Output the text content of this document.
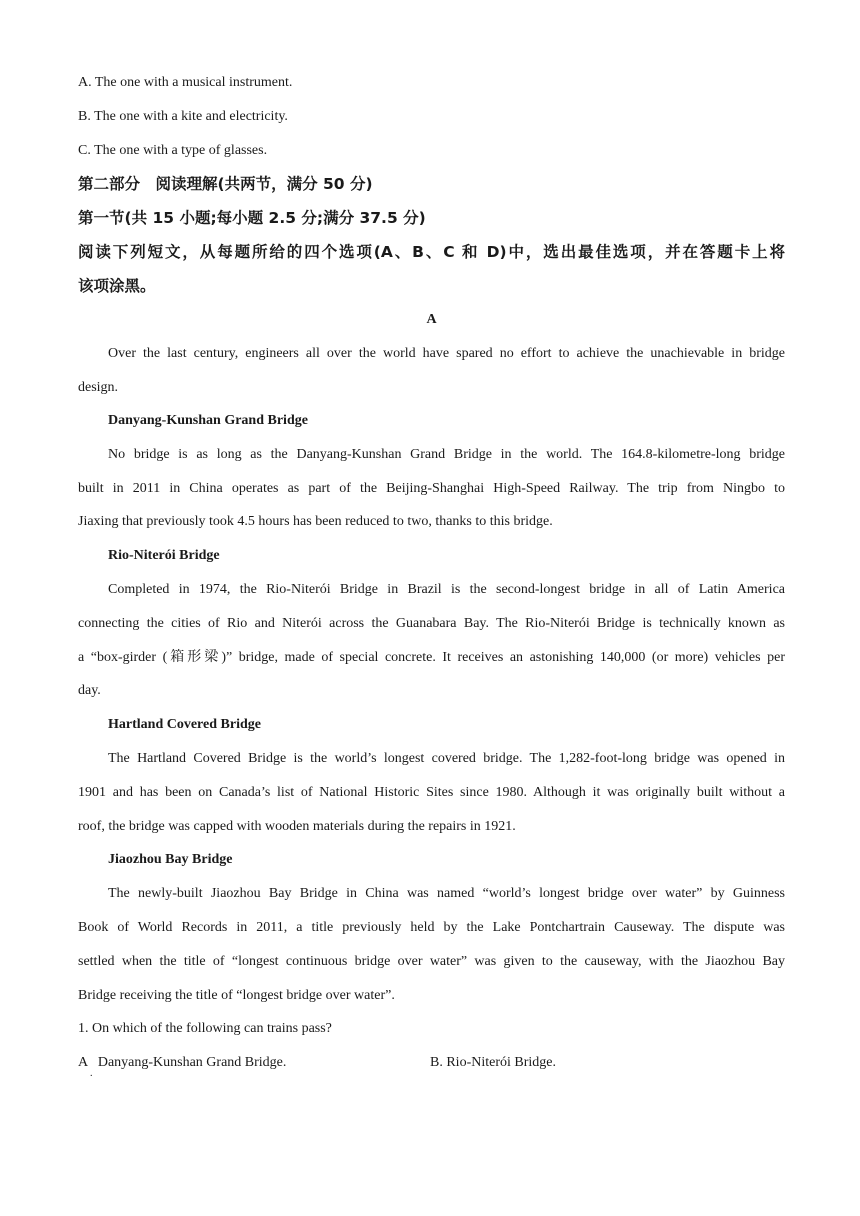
A. The one with a musical instrument.
B. The one with a kite and electricity.
C. The one with a type of glasses.
第二部分　阅读理解(共两节，满分 50 分)
第一节(共 15 小题;每小题 2.5 分;满分 37.5 分)
阅读下列短文，从每题所给的四个选项(A、B、C 和 D)中，选出最佳选项，并在答题卡上将
该项涂黑。
A
Over the last century, engineers all over the world have spared no effort to achieve the unachievable in bridge
design.
Danyang-Kunshan Grand Bridge
No bridge is as long as the Danyang-Kunshan Grand Bridge in the world. The 164.8-kilometre-long bridge
built in 2011 in China operates as part of the Beijing-Shanghai High-Speed Railway. The trip from Ningbo to
Jiaxing that previously took 4.5 hours has been reduced to two, thanks to this bridge.
Rio-Niterói Bridge
Completed in 1974, the Rio-Niterói Bridge in Brazil is the second-longest bridge in all of Latin America
connecting the cities of Rio and Niterói across the Guanabara Bay. The Rio-Niterói Bridge is technically known as
a “box-girder (箱形梁)” bridge, made of special concrete. It receives an astonishing 140,000 (or more) vehicles per
day.
Hartland Covered Bridge
The Hartland Covered Bridge is the world’s longest covered bridge. The 1,282-foot-long bridge was opened in
1901 and has been on Canada’s list of National Historic Sites since 1980. Although it was originally built without a
roof, the bridge was capped with wooden materials during the repairs in 1921.
Jiaozhou Bay Bridge
The newly-built Jiaozhou Bay Bridge in China was named “world’s longest bridge over water” by Guinness
Book of World Records in 2011, a title previously held by the Lake Pontchartrain Causeway. The dispute was
settled when the title of “longest continuous bridge over water” was given to the causeway, with the Jiaozhou Bay
Bridge receiving the title of “longest bridge over water”.
1. On which of the following can trains pass?
A   Danyang-Kunshan Grand Bridge.	B. Rio-Niterói Bridge.
.
